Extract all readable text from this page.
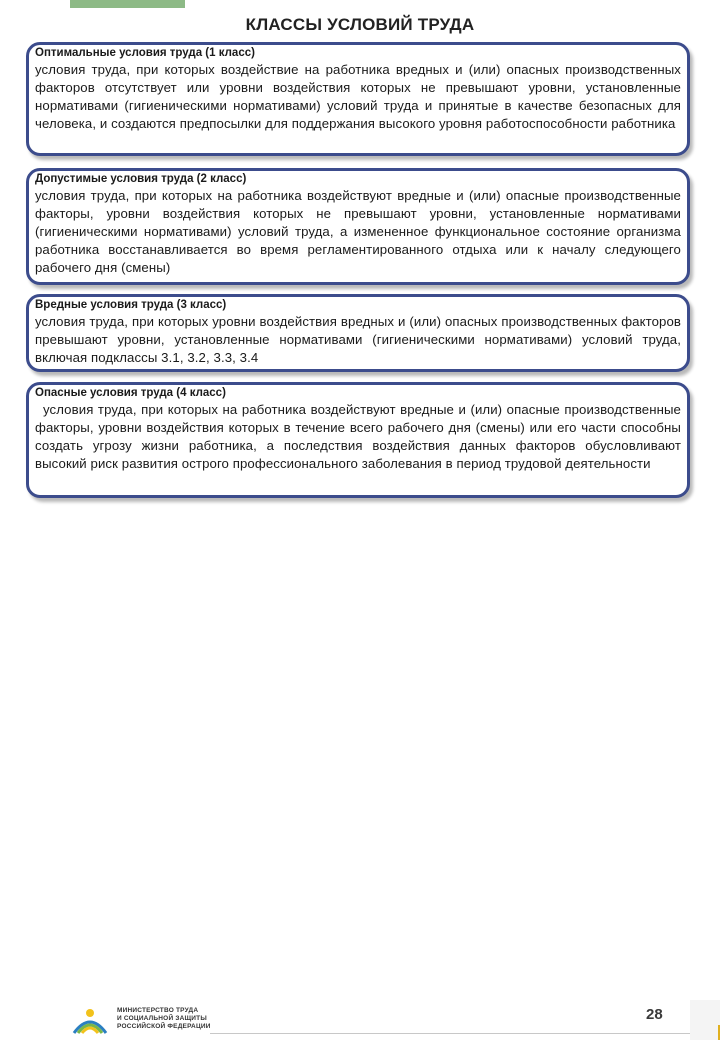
КЛАССЫ УСЛОВИЙ ТРУДА
Оптимальные условия труда (1 класс)
условия труда, при которых воздействие на работника вредных и (или) опасных производственных факторов отсутствует или уровни воздействия которых не превышают уровни, установленные нормативами (гигиеническими нормативами) условий труда и принятые в качестве безопасных для человека, и создаются предпосылки для поддержания высокого уровня работоспособности работника
Допустимые условия труда (2 класс)
условия труда, при которых на работника воздействуют вредные и (или) опасные производственные факторы, уровни воздействия которых не превышают уровни, установленные нормативами (гигиеническими нормативами) условий труда, а измененное функциональное состояние организма работника восстанавливается во время регламентированного отдыха или к началу следующего рабочего дня (смены)
Вредные условия труда (3 класс)
условия труда, при которых уровни воздействия вредных и (или) опасных производственных факторов превышают уровни, установленные нормативами (гигиеническими нормативами) условий труда, включая подклассы 3.1, 3.2, 3.3, 3.4
Опасные условия труда (4 класс)
условия труда, при которых на работника воздействуют вредные и (или) опасные производственные факторы, уровни воздействия которых в течение всего рабочего дня (смены) или его части способны создать угрозу жизни работника, а последствия воздействия данных факторов обусловливают высокий риск развития острого профессионального заболевания в период трудовой деятельности
МИНИСТЕРСТВО ТРУДА
И СОЦИАЛЬНОЙ ЗАЩИТЫ
РОССИЙСКОЙ ФЕДЕРАЦИИ
28
